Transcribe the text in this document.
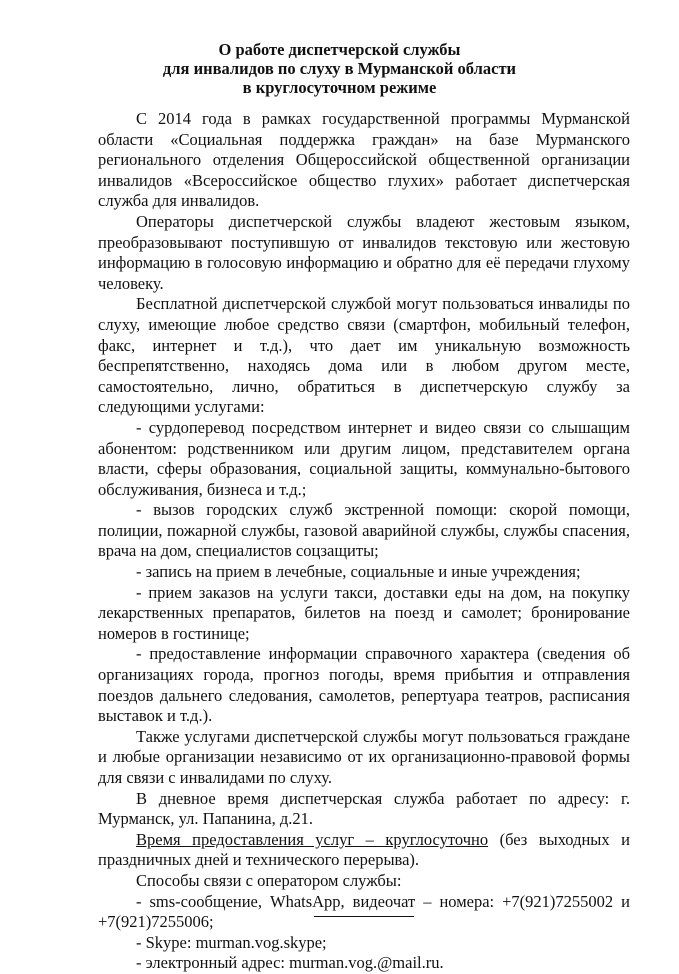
О работе диспетчерской службы
для инвалидов по слуху в Мурманской области
в круглосуточном режиме

С 2014 года в рамках государственной программы Мурманской области «Социальная поддержка граждан» на базе Мурманского регионального отделения Общероссийской общественной организации инвалидов «Всероссийское общество глухих» работает диспетчерская служба для инвалидов.

Операторы диспетчерской службы владеют жестовым языком, преобразовывают поступившую от инвалидов текстовую или жестовую информацию в голосовую информацию и обратно для её передачи глухому человеку.

Бесплатной диспетчерской службой могут пользоваться инвалиды по слуху, имеющие любое средство связи (смартфон, мобильный телефон, факс, интернет и т.д.), что дает им уникальную возможность беспрепятственно, находясь дома или в любом другом месте, самостоятельно, лично, обратиться в диспетчерскую службу за следующими услугами:

- сурдоперевод посредством интернет и видео связи со слышащим абонентом: родственником или другим лицом, представителем органа власти, сферы образования, социальной защиты, коммунально-бытового обслуживания, бизнеса и т.д.;

- вызов городских служб экстренной помощи: скорой помощи, полиции, пожарной службы, газовой аварийной службы, службы спасения, врача на дом, специалистов соцзащиты;

- запись на прием в лечебные, социальные и иные учреждения;

- прием заказов на услуги такси, доставки еды на дом, на покупку лекарственных препаратов, билетов на поезд и самолет; бронирование номеров в гостинице;

- предоставление информации справочного характера (сведения об организациях города, прогноз погоды, время прибытия и отправления поездов дальнего следования, самолетов, репертуара театров, расписания выставок и т.д.).

Также услугами диспетчерской службы могут пользоваться граждане и любые организации независимо от их организационно-правовой формы для связи с инвалидами по слуху.

В дневное время диспетчерская служба работает по адресу: г. Мурманск, ул. Папанина, д.21.

Время предоставления услуг – круглосуточно (без выходных и праздничных дней и технического перерыва).

Способы связи с оператором службы:

- sms-сообщение, WhatsApp, видеочат – номера: +7(921)7255002 и +7(921)7255006;

- Skype: murman.vog.skype;

- электронный адрес: murman.vog.@mail.ru.
